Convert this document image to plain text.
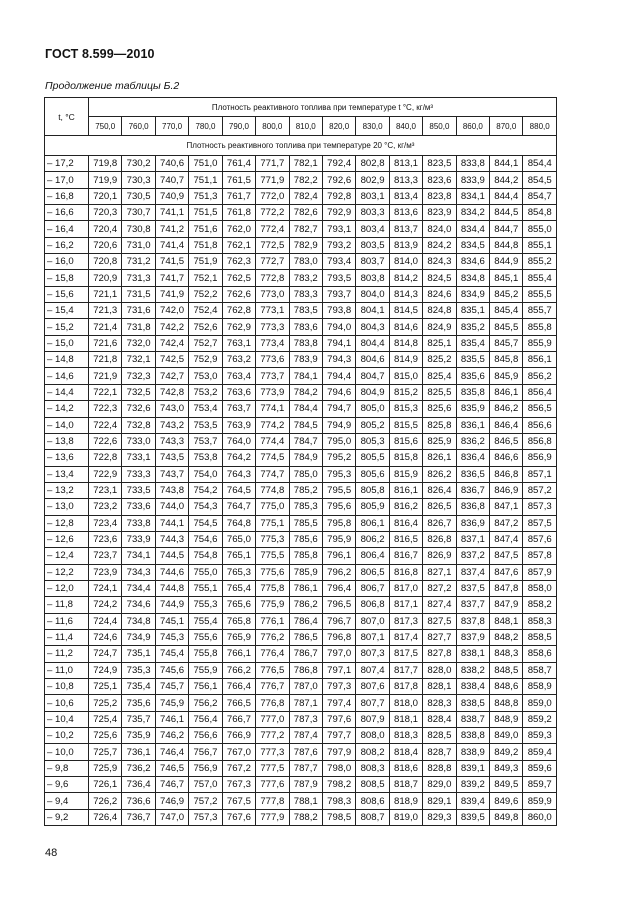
ГОСТ 8.599—2010
Продолжение таблицы Б.2
t, °C	Плотность реактивного топлива при температуре t °С, кг/м³													
	750,0	760,0	770,0	780,0	790,0	800,0	810,0	820,0	830,0	840,0	850,0	860,0	870,0	880,0
Плотность реактивного топлива при температуре 20 °С, кг/м³														
– 17,2	719,8	730,2	740,6	751,0	761,4	771,7	782,1	792,4	802,8	813,1	823,5	833,8	844,1	854,4
– 17,0	719,9	730,3	740,7	751,1	761,5	771,9	782,2	792,6	802,9	813,3	823,6	833,9	844,2	854,5
– 16,8	720,1	730,5	740,9	751,3	761,7	772,0	782,4	792,8	803,1	813,4	823,8	834,1	844,4	854,7
– 16,6	720,3	730,7	741,1	751,5	761,8	772,2	782,6	792,9	803,3	813,6	823,9	834,2	844,5	854,8
– 16,4	720,4	730,8	741,2	751,6	762,0	772,4	782,7	793,1	803,4	813,7	824,0	834,4	844,7	855,0
– 16,2	720,6	731,0	741,4	751,8	762,1	772,5	782,9	793,2	803,5	813,9	824,2	834,5	844,8	855,1
– 16,0	720,8	731,2	741,5	751,9	762,3	772,7	783,0	793,4	803,7	814,0	824,3	834,6	844,9	855,2
– 15,8	720,9	731,3	741,7	752,1	762,5	772,8	783,2	793,5	803,8	814,2	824,5	834,8	845,1	855,4
– 15,6	721,1	731,5	741,9	752,2	762,6	773,0	783,3	793,7	804,0	814,3	824,6	834,9	845,2	855,5
– 15,4	721,3	731,6	742,0	752,4	762,8	773,1	783,5	793,8	804,1	814,5	824,8	835,1	845,4	855,7
– 15,2	721,4	731,8	742,2	752,6	762,9	773,3	783,6	794,0	804,3	814,6	824,9	835,2	845,5	855,8
– 15,0	721,6	732,0	742,4	752,7	763,1	773,4	783,8	794,1	804,4	814,8	825,1	835,4	845,7	855,9
– 14,8	721,8	732,1	742,5	752,9	763,2	773,6	783,9	794,3	804,6	814,9	825,2	835,5	845,8	856,1
– 14,6	721,9	732,3	742,7	753,0	763,4	773,7	784,1	794,4	804,7	815,0	825,4	835,6	845,9	856,2
– 14,4	722,1	732,5	742,8	753,2	763,6	773,9	784,2	794,6	804,9	815,2	825,5	835,8	846,1	856,4
– 14,2	722,3	732,6	743,0	753,4	763,7	774,1	784,4	794,7	805,0	815,3	825,6	835,9	846,2	856,5
– 14,0	722,4	732,8	743,2	753,5	763,9	774,2	784,5	794,9	805,2	815,5	825,8	836,1	846,4	856,6
– 13,8	722,6	733,0	743,3	753,7	764,0	774,4	784,7	795,0	805,3	815,6	825,9	836,2	846,5	856,8
– 13,6	722,8	733,1	743,5	753,8	764,2	774,5	784,9	795,2	805,5	815,8	826,1	836,4	846,6	856,9
– 13,4	722,9	733,3	743,7	754,0	764,3	774,7	785,0	795,3	805,6	815,9	826,2	836,5	846,8	857,1
– 13,2	723,1	733,5	743,8	754,2	764,5	774,8	785,2	795,5	805,8	816,1	826,4	836,7	846,9	857,2
– 13,0	723,2	733,6	744,0	754,3	764,7	775,0	785,3	795,6	805,9	816,2	826,5	836,8	847,1	857,3
– 12,8	723,4	733,8	744,1	754,5	764,8	775,1	785,5	795,8	806,1	816,4	826,7	836,9	847,2	857,5
– 12,6	723,6	733,9	744,3	754,6	765,0	775,3	785,6	795,9	806,2	816,5	826,8	837,1	847,4	857,6
– 12,4	723,7	734,1	744,5	754,8	765,1	775,5	785,8	796,1	806,4	816,7	826,9	837,2	847,5	857,8
– 12,2	723,9	734,3	744,6	755,0	765,3	775,6	785,9	796,2	806,5	816,8	827,1	837,4	847,6	857,9
– 12,0	724,1	734,4	744,8	755,1	765,4	775,8	786,1	796,4	806,7	817,0	827,2	837,5	847,8	858,0
– 11,8	724,2	734,6	744,9	755,3	765,6	775,9	786,2	796,5	806,8	817,1	827,4	837,7	847,9	858,2
– 11,6	724,4	734,8	745,1	755,4	765,8	776,1	786,4	796,7	807,0	817,3	827,5	837,8	848,1	858,3
– 11,4	724,6	734,9	745,3	755,6	765,9	776,2	786,5	796,8	807,1	817,4	827,7	837,9	848,2	858,5
– 11,2	724,7	735,1	745,4	755,8	766,1	776,4	786,7	797,0	807,3	817,5	827,8	838,1	848,3	858,6
– 11,0	724,9	735,3	745,6	755,9	766,2	776,5	786,8	797,1	807,4	817,7	828,0	838,2	848,5	858,7
– 10,8	725,1	735,4	745,7	756,1	766,4	776,7	787,0	797,3	807,6	817,8	828,1	838,4	848,6	858,9
– 10,6	725,2	735,6	745,9	756,2	766,5	776,8	787,1	797,4	807,7	818,0	828,3	838,5	848,8	859,0
– 10,4	725,4	735,7	746,1	756,4	766,7	777,0	787,3	797,6	807,9	818,1	828,4	838,7	848,9	859,2
– 10,2	725,6	735,9	746,2	756,6	766,9	777,2	787,4	797,7	808,0	818,3	828,5	838,8	849,0	859,3
– 10,0	725,7	736,1	746,4	756,7	767,0	777,3	787,6	797,9	808,2	818,4	828,7	838,9	849,2	859,4
– 9,8	725,9	736,2	746,5	756,9	767,2	777,5	787,7	798,0	808,3	818,6	828,8	839,1	849,3	859,6
– 9,6	726,1	736,4	746,7	757,0	767,3	777,6	787,9	798,2	808,5	818,7	829,0	839,2	849,5	859,7
– 9,4	726,2	736,6	746,9	757,2	767,5	777,8	788,1	798,3	808,6	818,9	829,1	839,4	849,6	859,9
– 9,2	726,4	736,7	747,0	757,3	767,6	777,9	788,2	798,5	808,7	819,0	829,3	839,5	849,8	860,0
48
